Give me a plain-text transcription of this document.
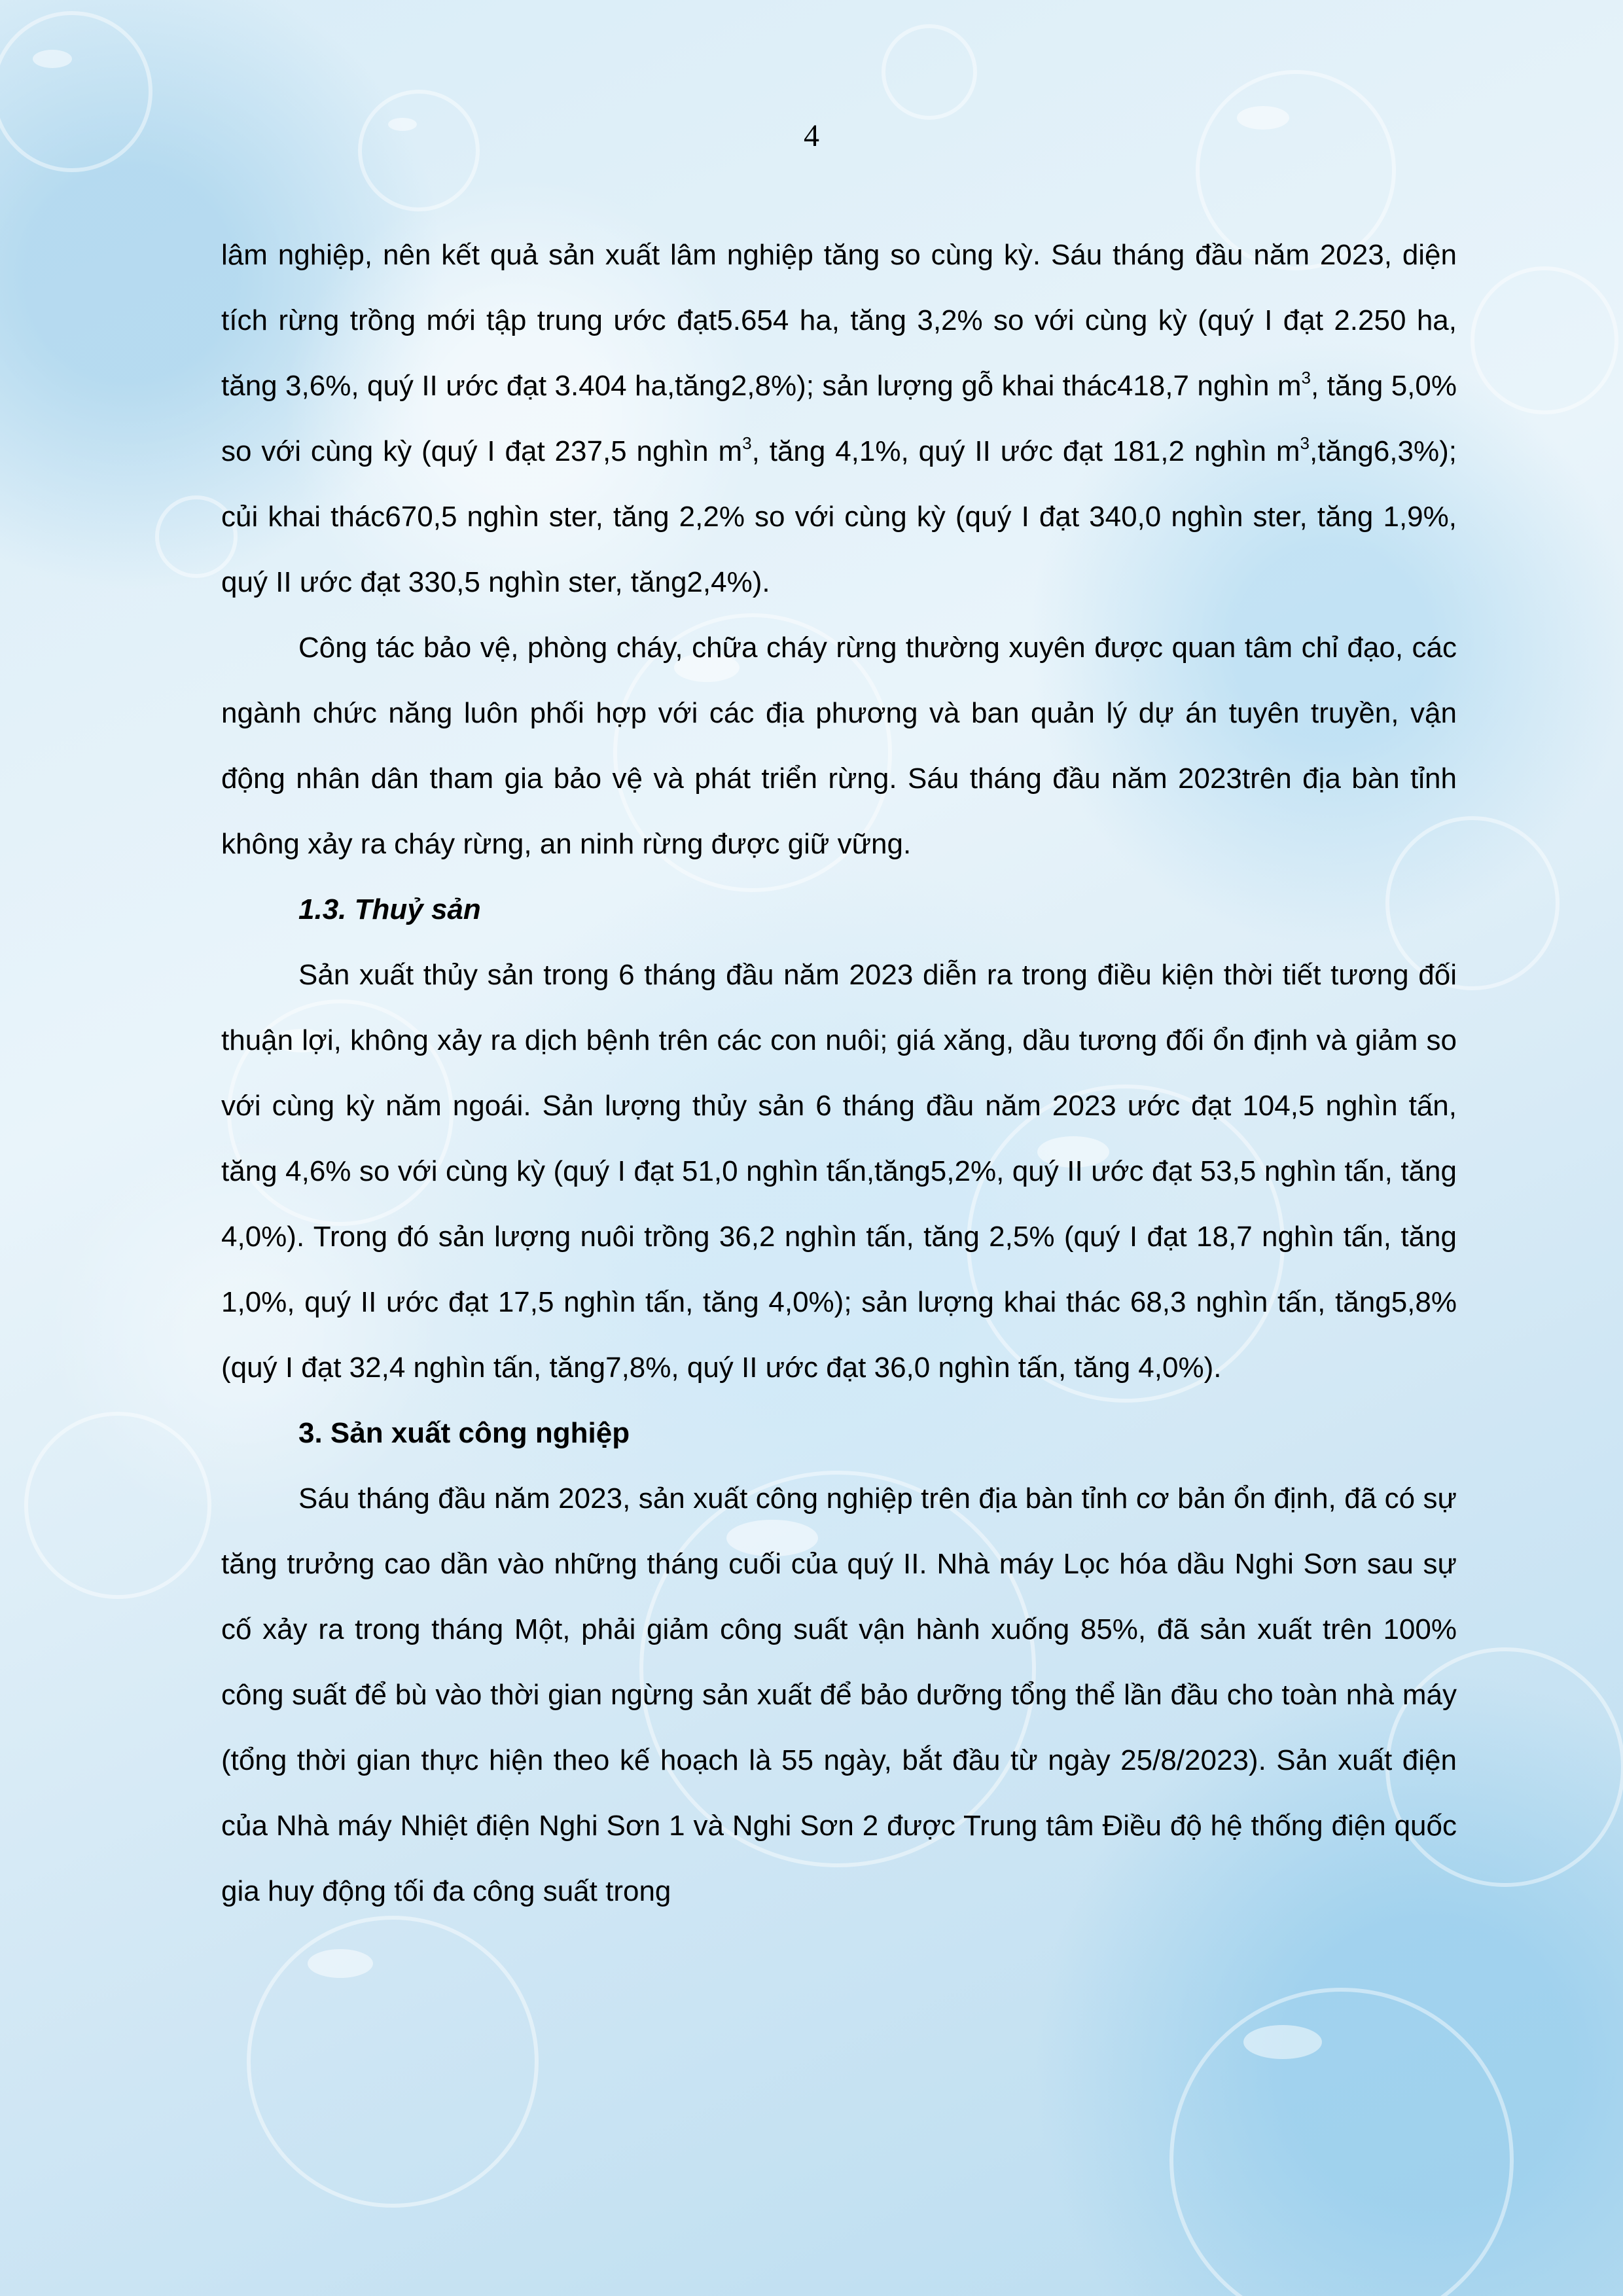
4

lâm nghiệp, nên kết quả sản xuất lâm nghiệp tăng so cùng kỳ. Sáu tháng đầu năm 2023, diện tích rừng trồng mới tập trung ước đạt5.654 ha, tăng 3,2% so với cùng kỳ (quý I đạt 2.250 ha, tăng 3,6%, quý II ước đạt 3.404 ha,tăng2,8%); sản lượng gỗ khai thác418,7 nghìn $m^3$, tăng 5,0% so với cùng kỳ (quý I đạt 237,5 nghìn $m^3$, tăng 4,1%, quý II ước đạt 181,2 nghìn $m^3,tăng6,3\%$); củi khai thác670,5 nghìn ster, tăng 2,2% so với cùng kỳ (quý I đạt 340,0 nghìn ster, tăng 1,9%, quý II ước đạt 330,5 nghìn ster, tăng2,4%).

Công tác bảo vệ, phòng cháy, chữa cháy rừng thường xuyên được quan tâm chỉ đạo, các ngành chức năng luôn phối hợp với các địa phương và ban quản lý dự án tuyên truyền, vận động nhân dân tham gia bảo vệ và phát triển rừng. Sáu tháng đầu năm 2023trên địa bàn tỉnh không xảy ra cháy rừng, an ninh rừng được giữ vững.

1.3. Thuỷ sản

Sản xuất thủy sản trong 6 tháng đầu năm 2023 diễn ra trong điều kiện thời tiết tương đối thuận lợi, không xảy ra dịch bệnh trên các con nuôi; giá xăng, dầu tương đối ổn định và giảm so với cùng kỳ năm ngoái. Sản lượng thủy sản 6 tháng đầu năm 2023 ước đạt 104,5 nghìn tấn, tăng 4,6% so với cùng kỳ (quý I đạt 51,0 nghìn tấn,tăng5,2%, quý II ước đạt 53,5 nghìn tấn, tăng 4,0%). Trong đó sản lượng nuôi trồng 36,2 nghìn tấn, tăng 2,5% (quý I đạt 18,7 nghìn tấn, tăng 1,0%, quý II ước đạt 17,5 nghìn tấn, tăng 4,0%); sản lượng khai thác 68,3 nghìn tấn, tăng5,8% (quý I đạt 32,4 nghìn tấn, tăng7,8%, quý II ước đạt 36,0 nghìn tấn, tăng 4,0%).

3. Sản xuất công nghiệp

Sáu tháng đầu năm 2023, sản xuất công nghiệp trên địa bàn tỉnh cơ bản ổn định, đã có sự tăng trưởng cao dần vào những tháng cuối của quý II. Nhà máy Lọc hóa dầu Nghi Sơn sau sự cố xảy ra trong tháng Một, phải giảm công suất vận hành xuống 85%, đã sản xuất trên 100% công suất để bù vào thời gian ngừng sản xuất để bảo dưỡng tổng thể lần đầu cho toàn nhà máy (tổng thời gian thực hiện theo kế hoạch là 55 ngày, bắt đầu từ ngày 25/8/2023). Sản xuất điện của Nhà máy Nhiệt điện Nghi Sơn 1 và Nghi Sơn 2 được Trung tâm Điều độ hệ thống điện quốc gia huy động tối đa công suất trong
